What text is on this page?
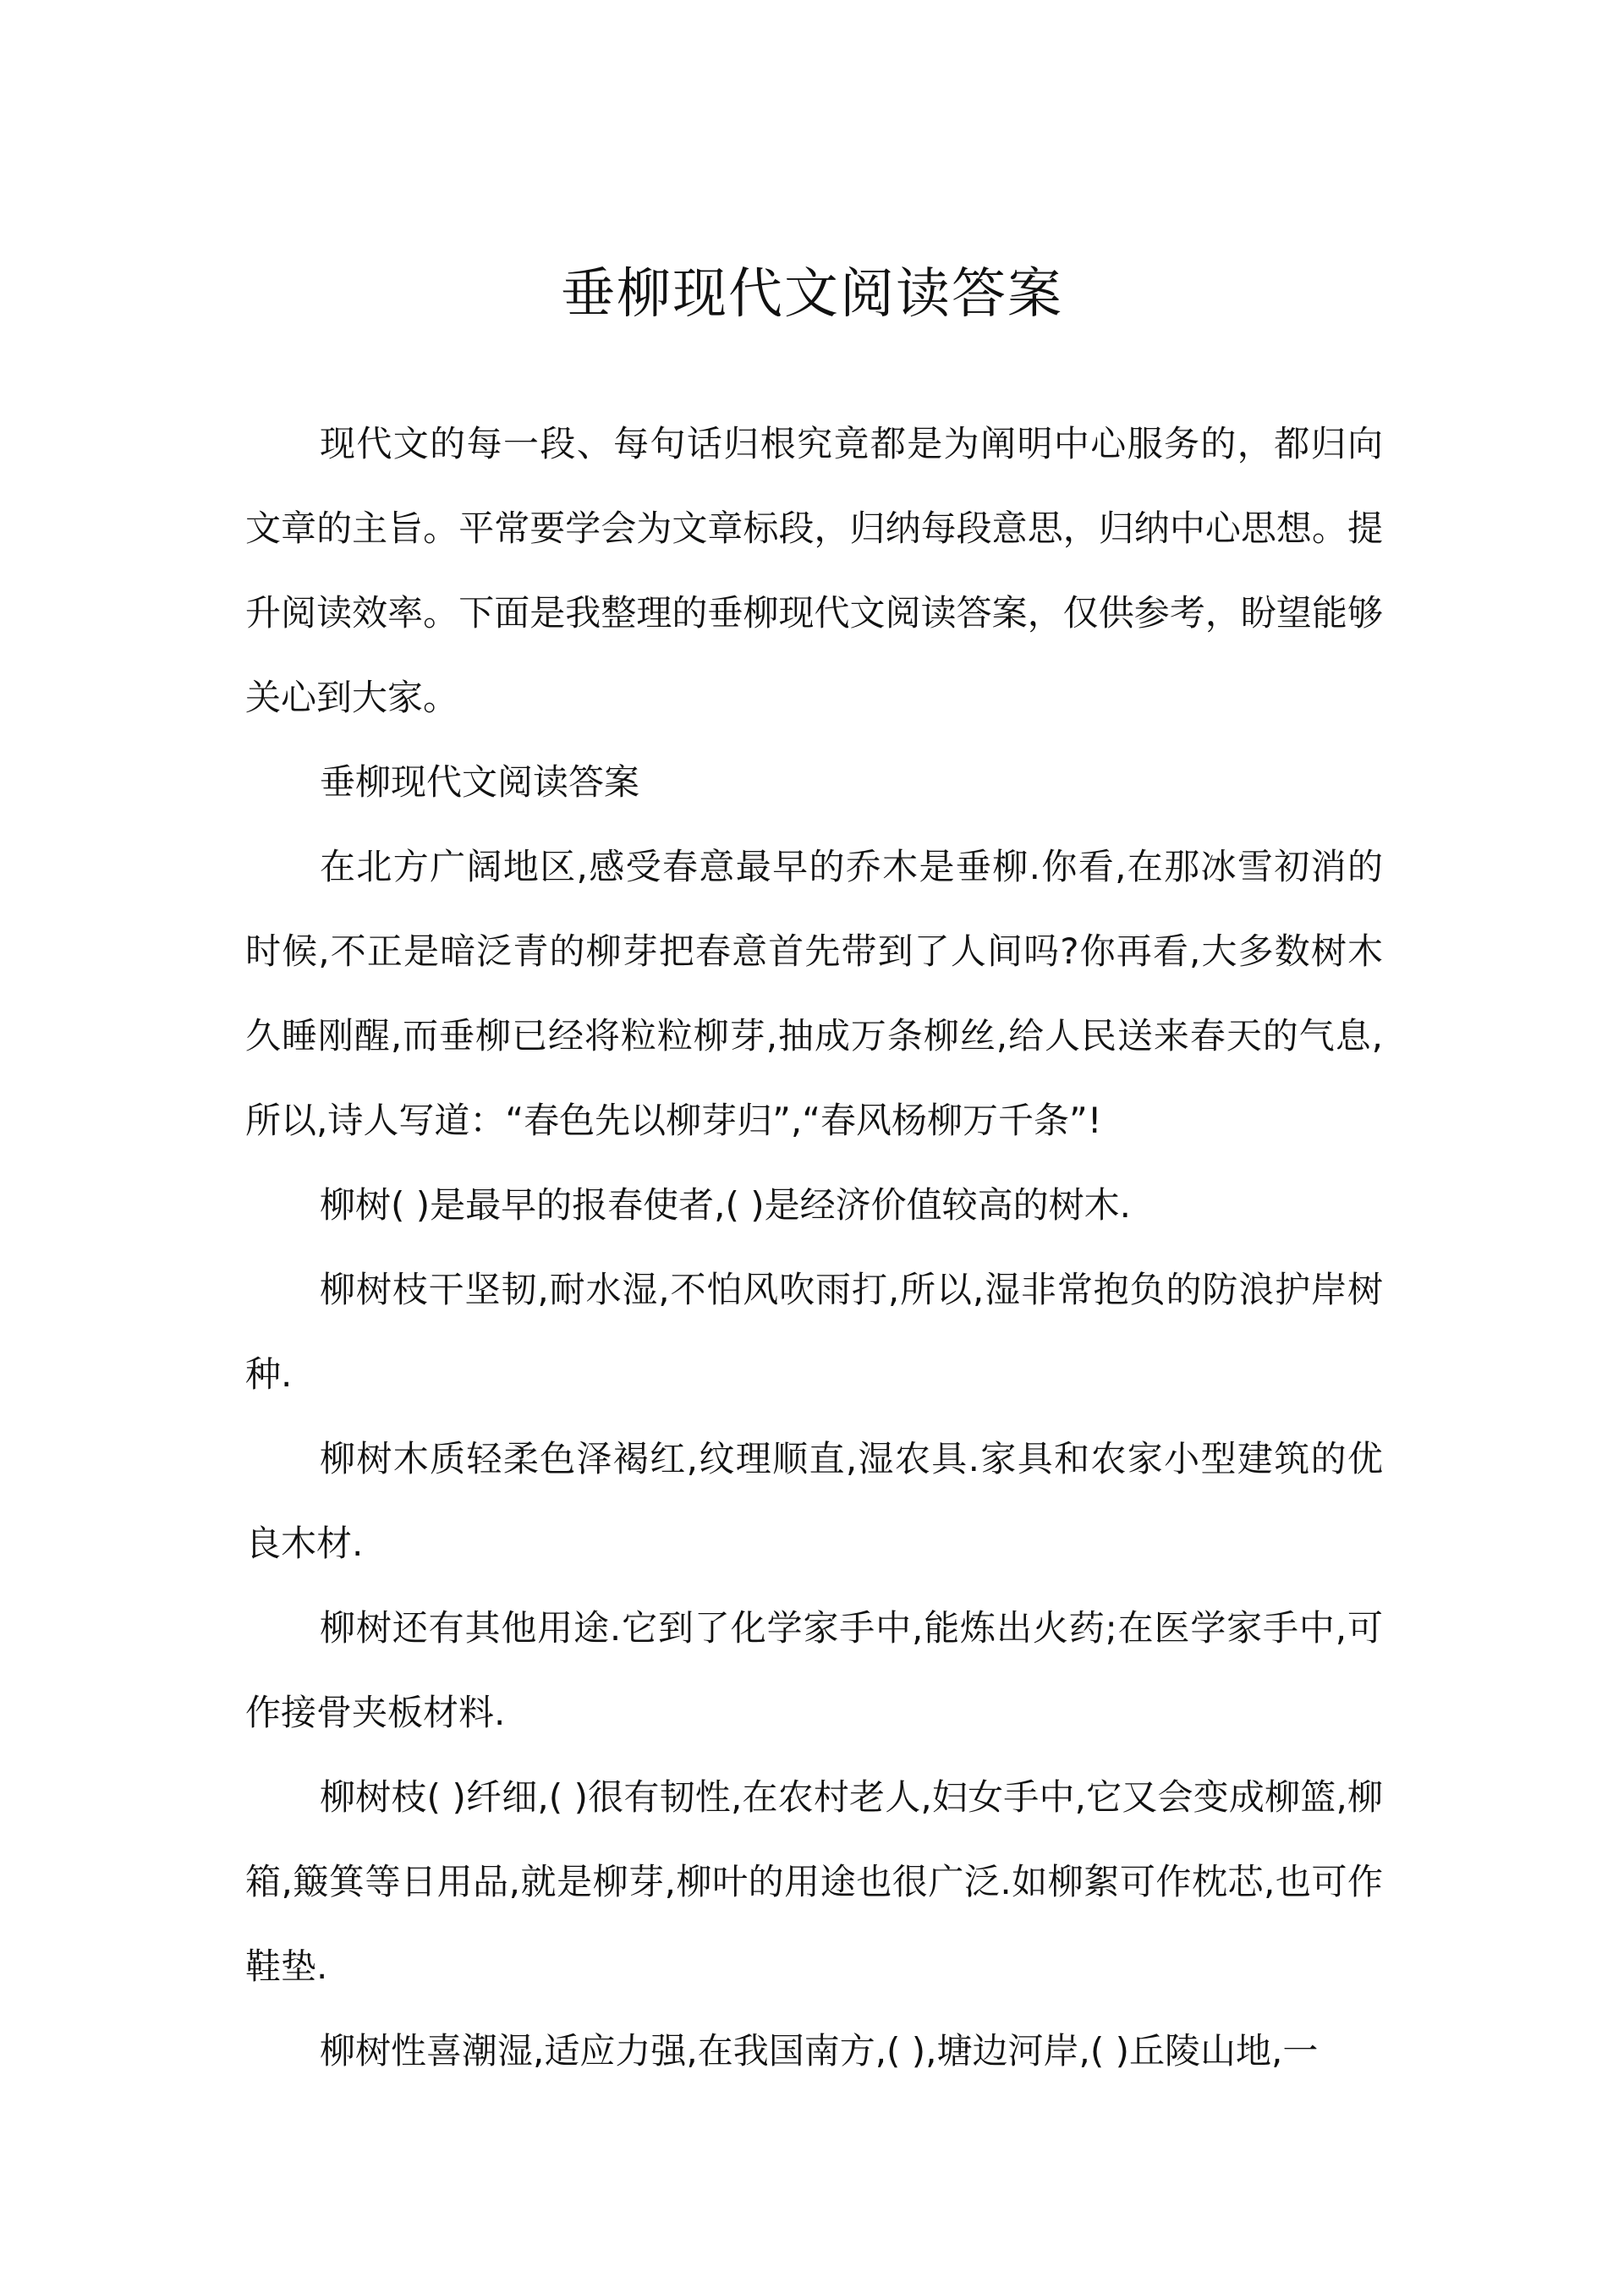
垂柳现代文阅读答案

现代文的每一段、每句话归根究竟都是为阐明中心服务的，都归向文章的主旨。平常要学会为文章标段，归纳每段意思，归纳中心思想。提升阅读效率。下面是我整理的垂柳现代文阅读答案，仅供参考，盼望能够关心到大家。

垂柳现代文阅读答案

在北方广阔地区,感受春意最早的乔木是垂柳.你看,在那冰雪初消的时候,不正是暗泛青的柳芽把春意首先带到了人间吗?你再看,大多数树木久睡刚醒,而垂柳已经将粒粒柳芽,抽成万条柳丝,给人民送来春天的气息,所以,诗人写道：“春色先以柳芽归”,“春风杨柳万千条”!

柳树( )是最早的报春使者,( )是经济价值较高的树木.

柳树枝干坚韧,耐水湿,不怕风吹雨打,所以,湿非常抱负的防浪护岸树种.

柳树木质轻柔色泽褐红,纹理顺直,湿农具.家具和农家小型建筑的优良木材.

柳树还有其他用途.它到了化学家手中,能炼出火药;在医学家手中,可作接骨夹板材料.

柳树枝( )纤细,( )很有韧性,在农村老人,妇女手中,它又会变成柳篮,柳箱,簸箕等日用品,就是柳芽,柳叶的用途也很广泛.如柳絮可作枕芯,也可作鞋垫.

柳树性喜潮湿,适应力强,在我国南方,( ),塘边河岸,( )丘陵山地,一
